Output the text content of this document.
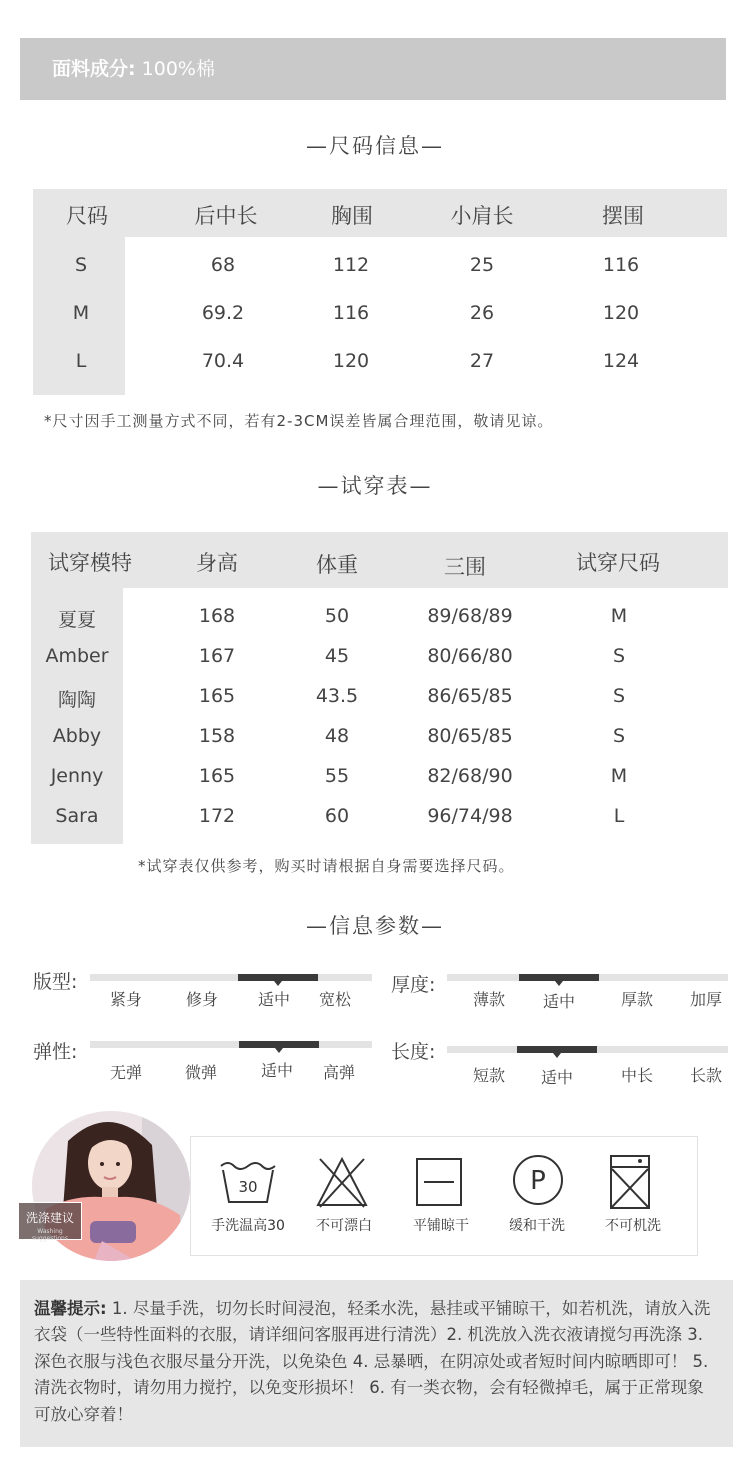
面料成分: 100%棉
—尺码信息—
尺码	后中长	胸围	小肩长	摆围
S	68	112	25	116
M	69.2	116	26	120
L	70.4	120	27	124
*尺寸因手工测量方式不同，若有2-3CM误差皆属合理范围，敬请见谅。
—试穿表—
试穿模特	身高	体重	三围	试穿尺码
夏夏	168	50	89/68/89	M
Amber	167	45	80/66/80	S
陶陶	165	43.5	86/65/85	S
Abby	158	48	80/65/85	S
Jenny	165	55	82/68/90	M
Sara	172	60	96/74/98	L
*试穿表仅供参考，购买时请根据自身需要选择尺码。
—信息参数—
版型:
紧身	修身 适中 宽松
厚度:
薄款 适中	厚款 加厚
弹性:
无弹	微弹	适中 高弹
长度:
短款 适中	中长 长款
洗涤建议
Washing suggestions
30
手洗温高30 不可漂白	平铺晾干
P
缓和干洗	不可机洗
温馨提示: 1. 尽量手洗，切勿长时间浸泡，轻柔水洗，悬挂或平铺晾干，如若机洗，请放入洗衣袋（一些特性面料的衣服，请详细问客服再进行清洗）2. 机洗放入洗衣液请搅匀再洗涤 3. 深色衣服与浅色衣服尽量分开洗，以免染色 4. 忌暴晒，在阴凉处或者短时间内晾晒即可！ 5. 清洗衣物时，请勿用力搅拧，以免变形损坏！ 6. 有一类衣物，会有轻微掉毛，属于正常现象可放心穿着！
